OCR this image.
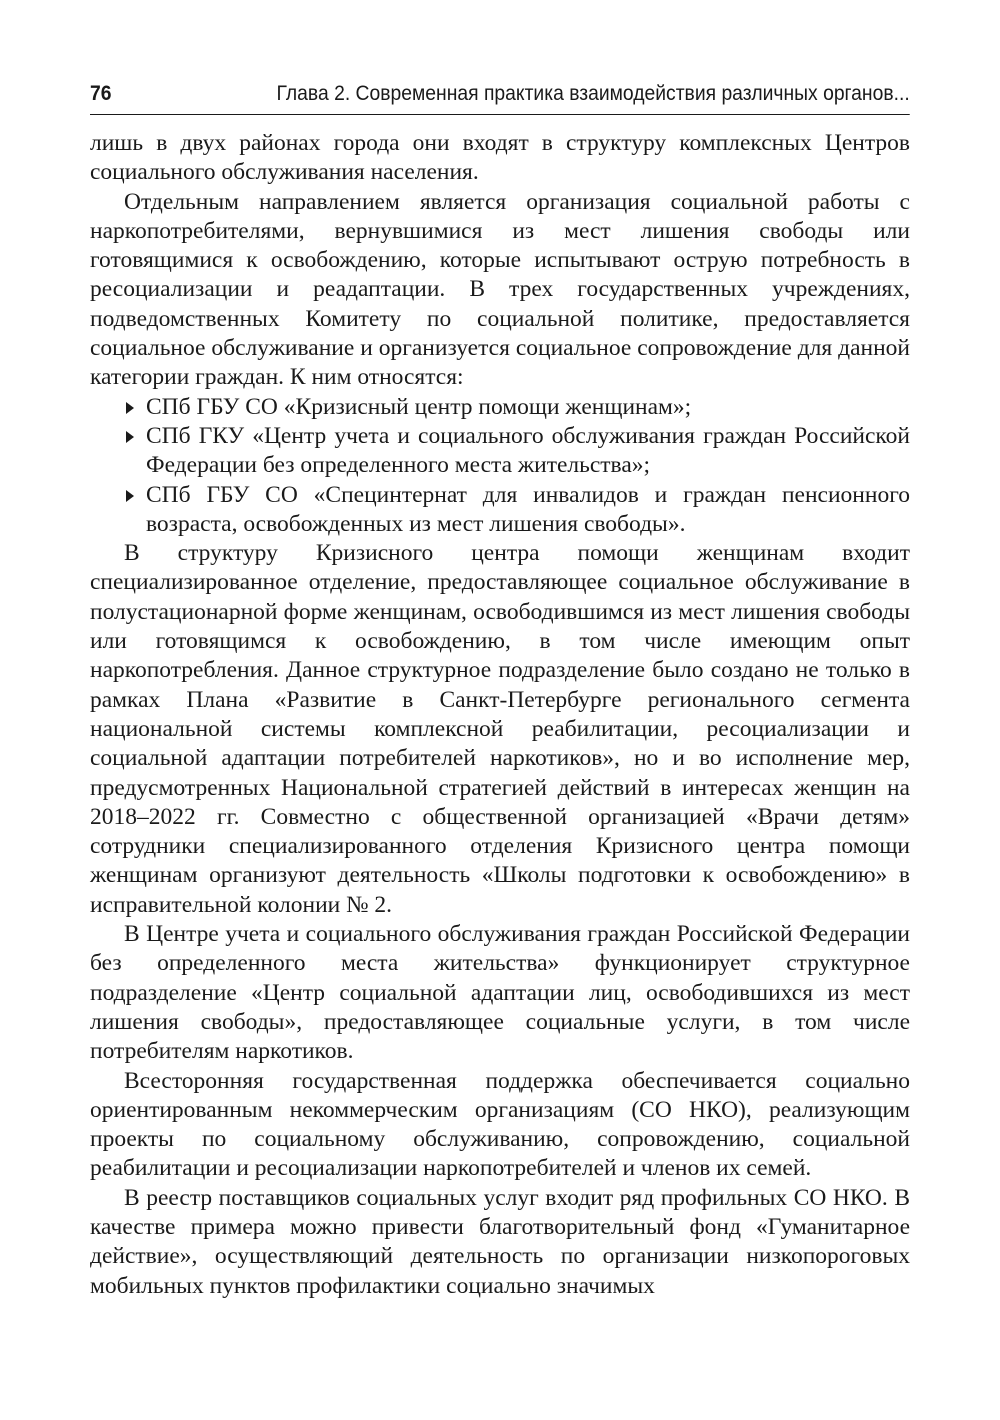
76	Глава 2. Современная практика взаимодействия различных органов...

лишь в двух районах города они входят в структуру комплексных Центров социального обслуживания населения.

Отдельным направлением является организация социальной работы с наркопотребителями, вернувшимися из мест лишения свободы или готовящимися к освобождению, которые испытывают острую потребность в ресоциализации и реадаптации. В трех государственных учреждениях, подведомственных Комитету по социальной политике, предоставляется социальное обслуживание и организуется социальное сопровождение для данной категории граждан. К ним относятся:

СПб ГБУ СО «Кризисный центр помощи женщинам»;
СПб ГКУ «Центр учета и социального обслуживания граждан Российской Федерации без определенного места жительства»;
СПб ГБУ СО «Специнтернат для инвалидов и граждан пенсионного возраста, освобожденных из мест лишения свободы».

В структуру Кризисного центра помощи женщинам входит специализированное отделение, предоставляющее социальное обслуживание в полустационарной форме женщинам, освободившимся из мест лишения свободы или готовящимся к освобождению, в том числе имеющим опыт наркопотребления. Данное структурное подразделение было создано не только в рамках Плана «Развитие в Санкт-Петербурге регионального сегмента национальной системы комплексной реабилитации, ресоциализации и социальной адаптации потребителей наркотиков», но и во исполнение мер, предусмотренных Национальной стратегией действий в интересах женщин на 2018–2022 гг. Совместно с общественной организацией «Врачи детям» сотрудники специализированного отделения Кризисного центра помощи женщинам организуют деятельность «Школы подготовки к освобождению» в исправительной колонии № 2.

В Центре учета и социального обслуживания граждан Российской Федерации без определенного места жительства» функционирует структурное подразделение «Центр социальной адаптации лиц, освободившихся из мест лишения свободы», предоставляющее социальные услуги, в том числе потребителям наркотиков.

Всесторонняя государственная поддержка обеспечивается социально ориентированным некоммерческим организациям (СО НКО), реализующим проекты по социальному обслуживанию, сопровождению, социальной реабилитации и ресоциализации наркопотребителей и членов их семей.

В реестр поставщиков социальных услуг входит ряд профильных СО НКО. В качестве примера можно привести благотворительный фонд «Гуманитарное действие», осуществляющий деятельность по организации низкопороговых мобильных пунктов профилактики социально значимых
